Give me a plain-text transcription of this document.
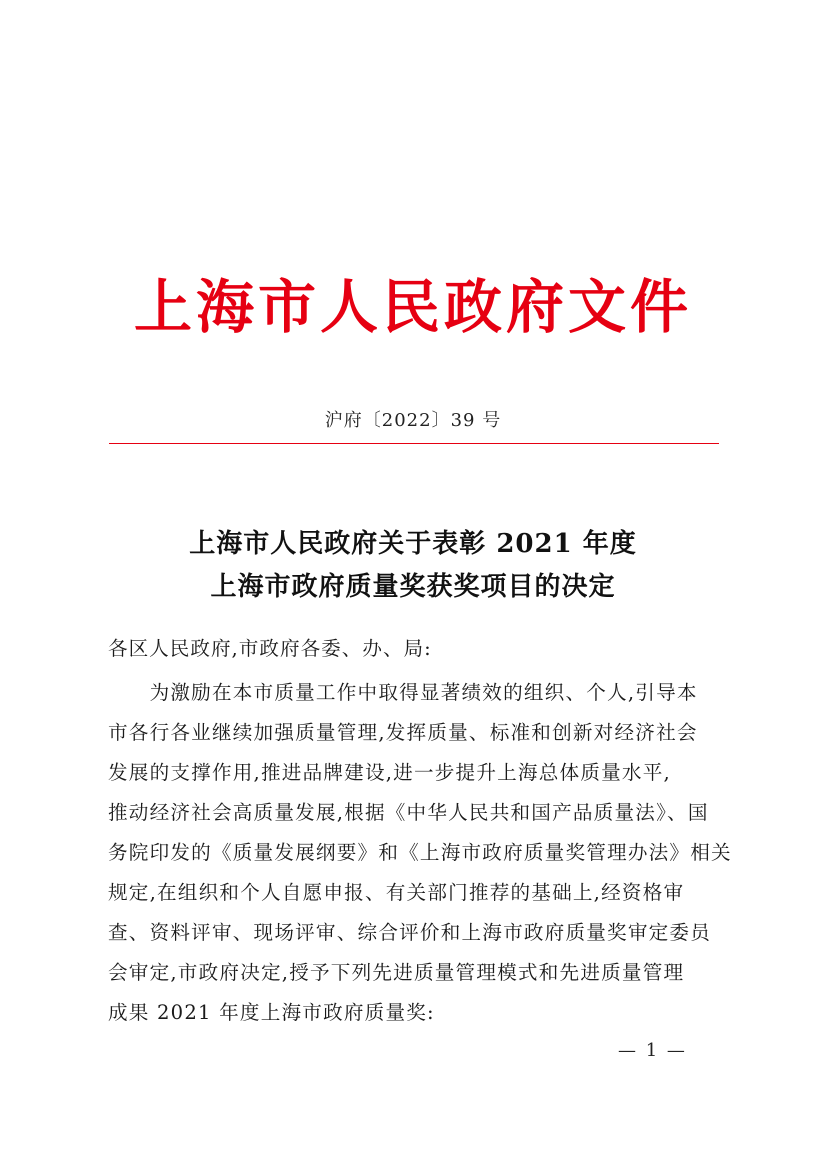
上海市人民政府文件
沪府〔2022〕39 号
上海市人民政府关于表彰 2021 年度
上海市政府质量奖获奖项目的决定
各区人民政府,市政府各委、办、局:
　　为激励在本市质量工作中取得显著绩效的组织、个人,引导本
市各行各业继续加强质量管理,发挥质量、标准和创新对经济社会
发展的支撑作用,推进品牌建设,进一步提升上海总体质量水平,
推动经济社会高质量发展,根据《中华人民共和国产品质量法》、国
务院印发的《质量发展纲要》和《上海市政府质量奖管理办法》相关
规定,在组织和个人自愿申报、有关部门推荐的基础上,经资格审
查、资料评审、现场评审、综合评价和上海市政府质量奖审定委员
会审定,市政府决定,授予下列先进质量管理模式和先进质量管理
成果 2021 年度上海市政府质量奖:
— 1 —
